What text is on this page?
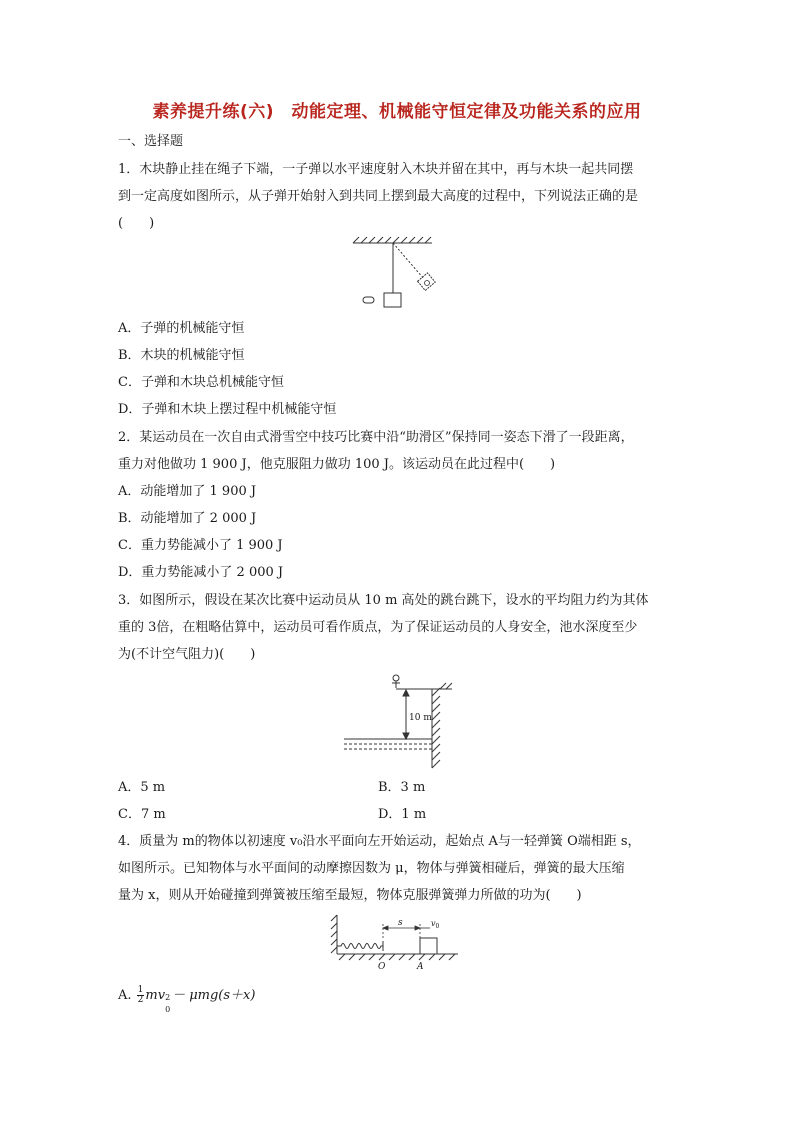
素养提升练(六)　动能定理、机械能守恒定律及功能关系的应用
一、选择题
1．木块静止挂在绳子下端，一子弹以水平速度射入木块并留在其中，再与木块一起共同摆
到一定高度如图所示，从子弹开始射入到共同上摆到最大高度的过程中，下列说法正确的是
(　　)
A．子弹的机械能守恒
B．木块的机械能守恒
C．子弹和木块总机械能守恒
D．子弹和木块上摆过程中机械能守恒
2．某运动员在一次自由式滑雪空中技巧比赛中沿“助滑区”保持同一姿态下滑了一段距离，
重力对他做功 1 900 J，他克服阻力做功 100 J。该运动员在此过程中(　　)
A．动能增加了 1 900 J
B．动能增加了 2 000 J
C．重力势能减小了 1 900 J
D．重力势能减小了 2 000 J
3．如图所示，假设在某次比赛中运动员从 10 m 高处的跳台跳下，设水的平均阻力约为其体
重的 3倍，在粗略估算中，运动员可看作质点，为了保证运动员的人身安全，池水深度至少
为(不计空气阻力)(　　)
10 m
A．5 m	B．3 m
C．7 m	D．1 m
4．质量为 m的物体以初速度 v₀沿水平面向左开始运动，起始点 A与一轻弹簧 O端相距 s，
如图所示。已知物体与水平面间的动摩擦因数为 μ，物体与弹簧相碰后，弹簧的最大压缩
量为 x，则从开始碰撞到弹簧被压缩至最短，物体克服弹簧弹力所做的功为(　　)
s	$v_0$
O	A
A. $\frac{1}{2}$ mv 2
0
－ μmg(s＋x)
